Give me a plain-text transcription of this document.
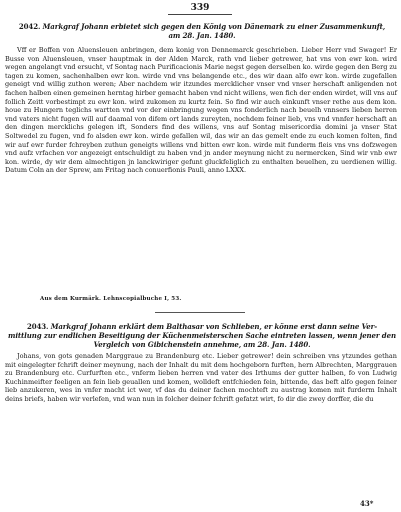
339
2042. Markgraf Johann erbietet sich gegen den König von Dänemark zu einer Zusammenkunft,
am 28. Jan. 1480.

Vff er Boffen von Aluensleuen anbringen, dem konig von Dennemarck geschrieben. Lieber Herr vnd Swager! Er Busse von Aluensleuen, vnser hauptmak in der Alden Marck, rath vnd lieber getrewer, hat vns von ewr kon. wird wegen angelangt vnd ersucht, vf Sontag nach Purificacionis Marie negst gegen derselben ko. wirde gegen den Berg zu tagen zu komen, sachenhalben ewr kon. wirde vnd vns belangende etc., des wir daan alfo ewr kon. wirde zugefallen geneigt vnd willig zuthon weren; Aber nachdem wir itzundes mercklicher vnser vnd vnser herschaft anligenden not fachen halben einen gemeinen herntag hirber gemacht haben vnd nicht willens, wen fich der enden wirdet, will vns auf follich Zeitt vorbestimpt zu ewr kon. wird zukomen zu kurtz fein. So find wir auch einkunft vnser rethe aus dem kon. houe zu Hungern teglichs wartten vnd vor der einbringung wegen vns fonderlich nach beuelh vnnsers lieben herren vnd vaters nicht fugen will auf daamal von difem ort lands zureyten, nochdem feiner lieb, vns vnd vnnfer herschaft an den dingen mercklichs gelegen ift, Sonders find des willens, vns auf Sontag misericordia domini ja vnser Stat Soltwedel zu fugen, vnd fo alsden ewr kon. wirde gefallen wil, das wir an das gemelt ende zu euch komen folten, find wir auf ewr furder fchreyben zuthun geneigts willens vnd bitten ewr kon. wirde mit funderm fleis vns vns dofzwegen vnd aufz vrfachen vor angezeigt entschuldigt zu haben vnd jn ander meynung nicht zu nermercken, Sind wir vnb ewr kon. wirde, dy wir dem almechtigen jn lanckwiriger gefunt gluckfeliglich zu enthalten beuelhen, zu uerdienen willig. Datum Coln an der Sprew, am Fritag nach conuerfionis Pauli, anno LXXX.

Aus dem Kurmärk. Lehnscopialbuche I, 53.
2043. Markgraf Johann erklärt dem Balthasar von Schlieben, er könne erst dann seine Ver-
mittlung zur endlichen Beseitigung der Küchenmeisterschen Sache eintreten lassen, wenn jener den
Vergleich von Gibichenstein annehme, am 28. Jan. 1480.

Johans, von gots genaden Marggraue zu Brandenburg etc. Lieber getrewer! dein schreiben vns ytzundes gethan mit eingelegter fchrift deiner meynung, nach der Inhalt du mit dem hochgeborn furften, hern Albrechten, Marggrauen zu Brandenburg etc. Curfurften etc., vnferm lieben herren vnd vater des Irthums der gutter halben, fo von Ludwig Kuchinmeifter feeligen an fein lieb geuallen und komen, wolldeft entfchieden fein, bittende, das beft alfo gegen feiner lieb anzukeren, wes in vnfer macht ict wer, vf das du deiner fachen mochteft zu austrag komen mit furderm Inhalt deins briefs, haben wir verlefen, vnd wan nun in folcher deiner fchrift gefatzt wirt, fo dir die zwey dorffer, die du

43*
